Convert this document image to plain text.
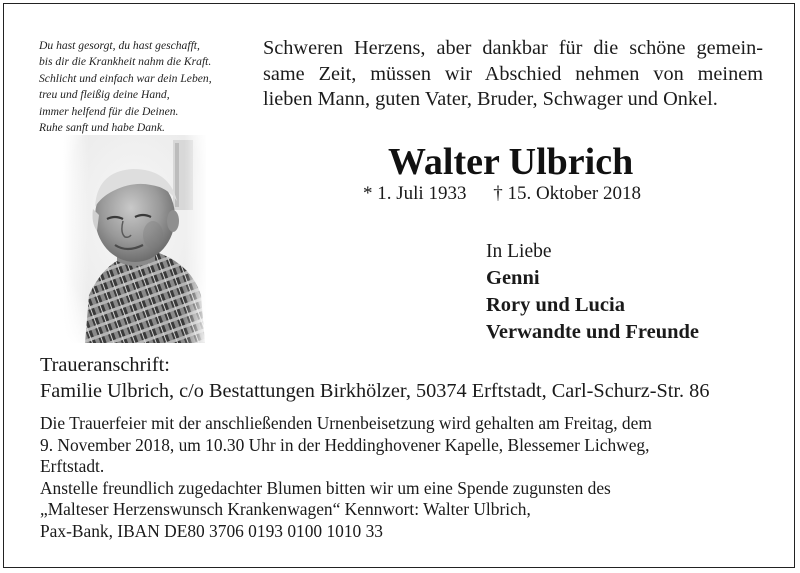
Du hast gesorgt, du hast geschafft,
bis dir die Krankheit nahm die Kraft.
Schlicht und einfach war dein Leben,
treu und fleißig deine Hand,
immer helfend für die Deinen.
Ruhe sanft und habe Dank.
Schweren Herzens, aber dankbar für die schöne gemein-
same Zeit, müssen wir Abschied nehmen von meinem
lieben Mann, guten Vater, Bruder, Schwager und Onkel.
Walter Ulbrich
* 1. Juli 1933 † 15. Oktober 2018
In Liebe
Genni
Rory und Lucia
Verwandte und Freunde
Traueranschrift:
Familie Ulbrich, c/o Bestattungen Birkhölzer, 50374 Erftstadt, Carl-Schurz-Str. 86
Die Trauerfeier mit der anschließenden Urnenbeisetzung wird gehalten am Freitag, dem
9. November 2018, um 10.30 Uhr in der Heddinghovener Kapelle, Blessemer Lichweg,
Erftstadt.
Anstelle freundlich zugedachter Blumen bitten wir um eine Spende zugunsten des
„Malteser Herzenswunsch Krankenwagen“ Kennwort: Walter Ulbrich,
Pax-Bank, IBAN DE80 3706 0193 0100 1010 33
